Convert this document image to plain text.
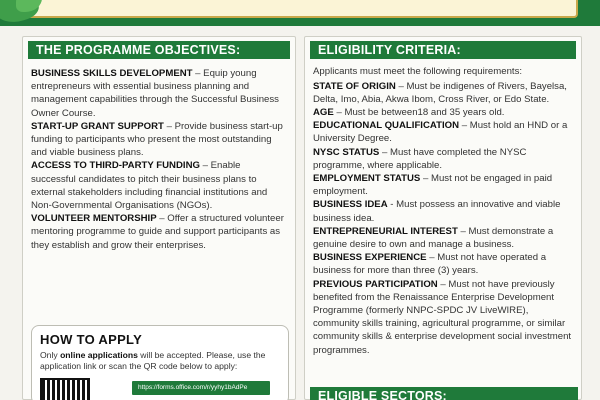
THE PROGRAMME OBJECTIVES:
BUSINESS SKILLS DEVELOPMENT – Equip young entrepreneurs with essential business planning and management capabilities through the Successful Business Owner Course.
START-UP GRANT SUPPORT – Provide business start-up funding to participants who present the most outstanding and viable business plans.
ACCESS TO THIRD-PARTY FUNDING – Enable successful candidates to pitch their business plans to external stakeholders including financial institutions and Non-Governmental Organisations (NGOs).
VOLUNTEER MENTORSHIP – Offer a structured volunteer mentoring programme to guide and support participants as they establish and grow their enterprises.
HOW TO APPLY
Only online applications will be accepted. Please, use the application link or scan the QR code below to apply:
https://forms.office.com/r/yyhy1bAdPe
ELIGIBILITY CRITERIA:
Applicants must meet the following requirements:
STATE OF ORIGIN – Must be indigenes of Rivers, Bayelsa, Delta, Imo, Abia, Akwa Ibom, Cross River, or Edo State.
AGE – Must be between18 and 35 years old.
EDUCATIONAL QUALIFICATION – Must hold an HND or a University Degree.
NYSC STATUS – Must have completed the NYSC programme, where applicable.
EMPLOYMENT STATUS – Must not be engaged in paid employment.
BUSINESS IDEA - Must possess an innovative and viable business idea.
ENTREPRENEURIAL INTEREST – Must demonstrate a genuine desire to own and manage a business.
BUSINESS EXPERIENCE – Must not have operated a business for more than three (3) years.
PREVIOUS PARTICIPATION – Must not have previously benefited from the Renaissance Enterprise Development Programme (formerly NNPC-SPDC JV LiveWIRE), community skills training, agricultural programme, or similar community skills & enterprise development social investment programmes.
ELIGIBLE SECTORS:
